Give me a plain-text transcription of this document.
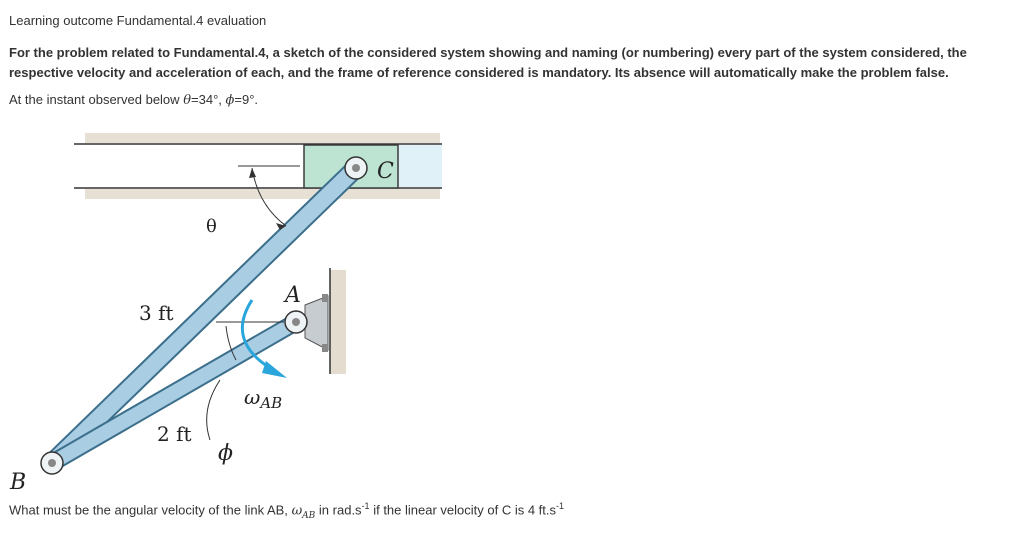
Learning outcome Fundamental.4 evaluation
For the problem related to Fundamental.4, a sketch of the considered system showing and naming (or numbering) every part of the system considered, the respective velocity and acceleration of each, and the frame of reference considered is mandatory. Its absence will automatically make the problem false.
At the instant observed below θ=34°, ϕ=9°.
C
A
B
θ
ϕ
3 ft
2 ft
$\omega_{AB}$
What must be the angular velocity of the link AB, $\omega_{AB}$ in $rad.s^{-1}$ if the linear velocity of C is 4 $ft.s^{-1}$
